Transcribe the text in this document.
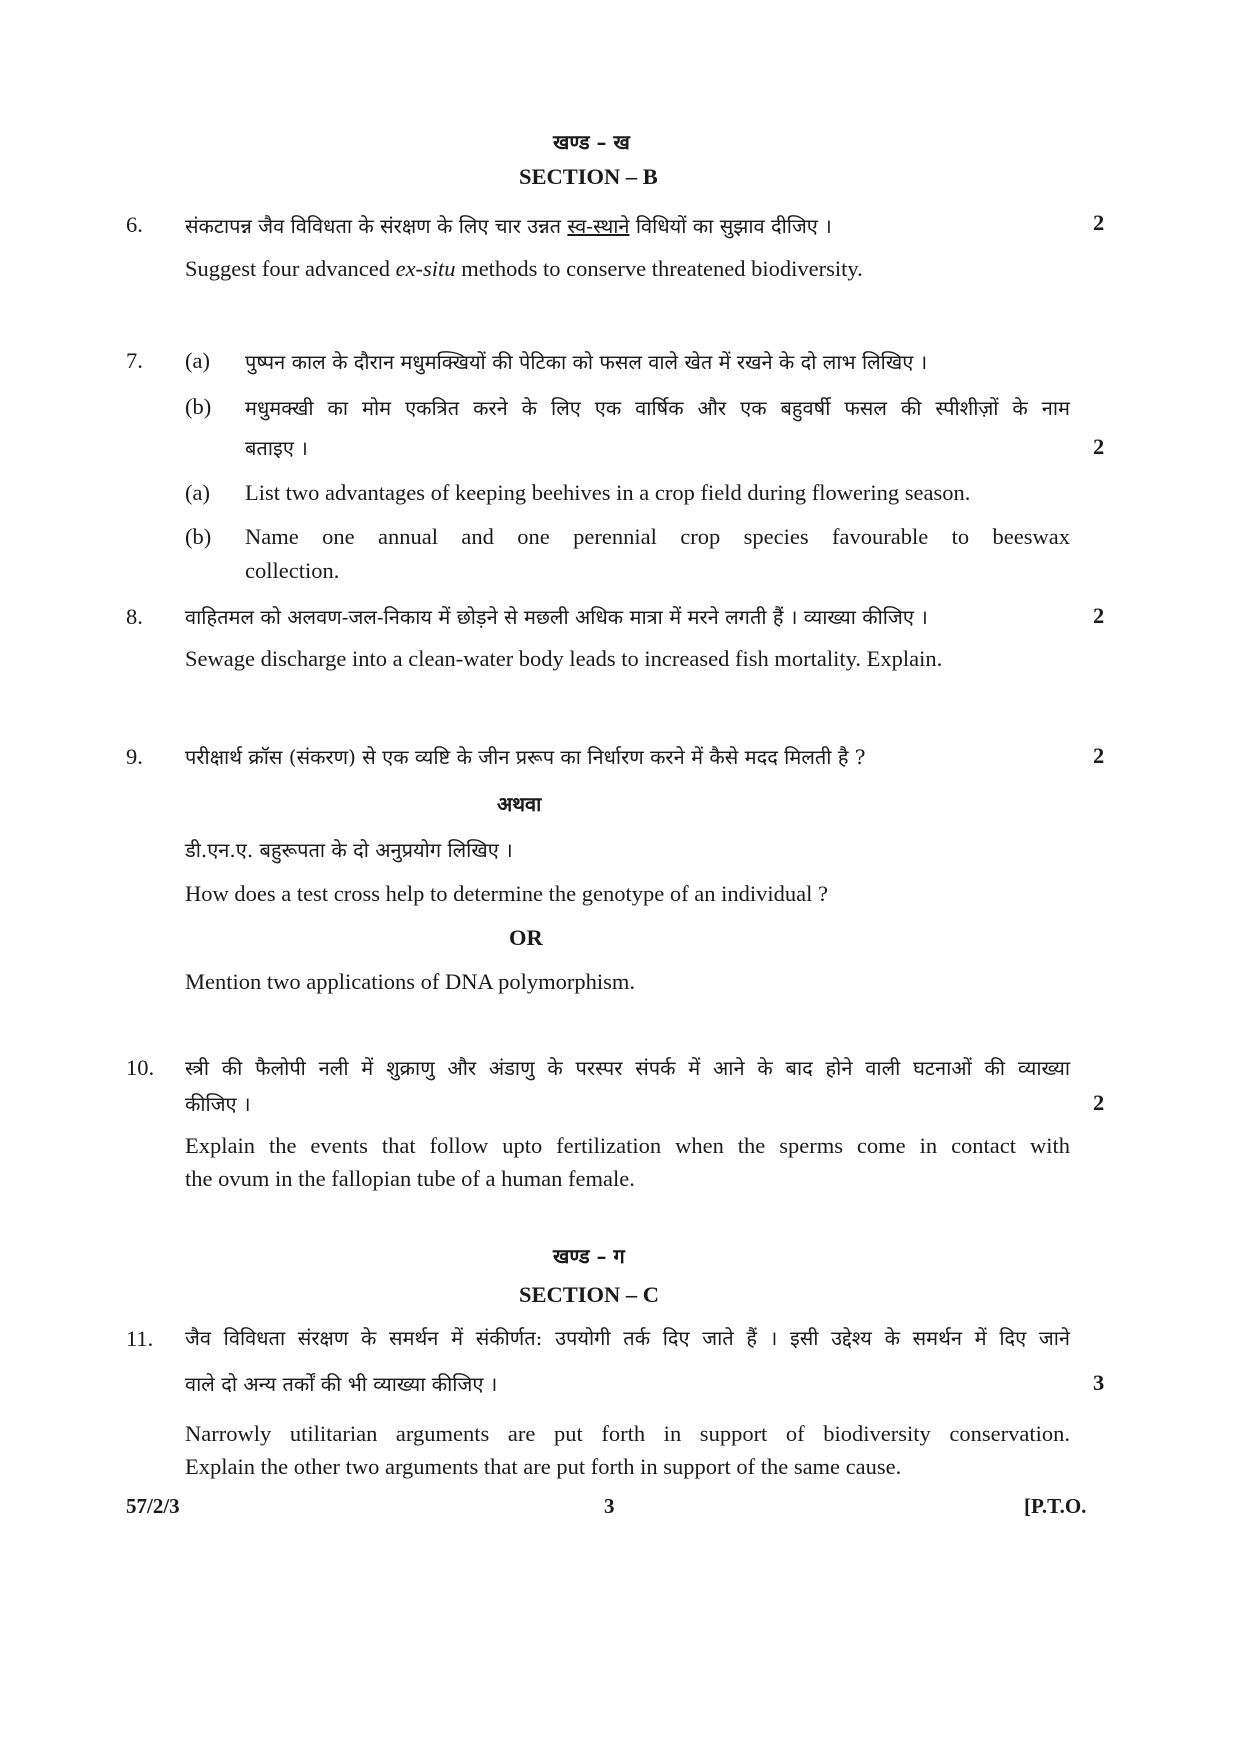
खण्ड – ख
SECTION – B
6. संकटापन्न जैव विविधता के संरक्षण के लिए चार उन्नत स्व-स्थाने विधियों का सुझाव दीजिए ।	2
Suggest four advanced ex-situ methods to conserve threatened biodiversity.
7. (a) पुष्पन काल के दौरान मधुमक्खियों की पेटिका को फसल वाले खेत में रखने के दो लाभ लिखिए ।
(b) मधुमक्खी का मोम एकत्रित करने के लिए एक वार्षिक और एक बहुवर्षी फसल की स्पीशीज़ों के नाम
बताइए ।	2
(a) List two advantages of keeping beehives in a crop field during flowering season.
(b) Name one annual and one perennial crop species favourable to beeswax
collection.
8. वाहितमल को अलवण-जल-निकाय में छोड़ने से मछली अधिक मात्रा में मरने लगती हैं । व्याख्या कीजिए ।	2
Sewage discharge into a clean-water body leads to increased fish mortality. Explain.
9. परीक्षार्थ क्रॉस (संकरण) से एक व्यष्टि के जीन प्ररूप का निर्धारण करने में कैसे मदद मिलती है ?	2
अथवा
डी.एन.ए. बहुरूपता के दो अनुप्रयोग लिखिए ।
How does a test cross help to determine the genotype of an individual ?
OR
Mention two applications of DNA polymorphism.
10. स्त्री की फैलोपी नली में शुक्राणु और अंडाणु के परस्पर संपर्क में आने के बाद होने वाली घटनाओं की व्याख्या
कीजिए ।	2
Explain the events that follow upto fertilization when the sperms come in contact with
the ovum in the fallopian tube of a human female.
खण्ड – ग
SECTION – C
11. जैव विविधता संरक्षण के समर्थन में संकीर्णत: उपयोगी तर्क दिए जाते हैं । इसी उद्देश्य के समर्थन में दिए जाने
वाले दो अन्य तर्कों की भी व्याख्या कीजिए ।	3
Narrowly utilitarian arguments are put forth in support of biodiversity conservation.
Explain the other two arguments that are put forth in support of the same cause.
57/2/3	3	[P.T.O.
